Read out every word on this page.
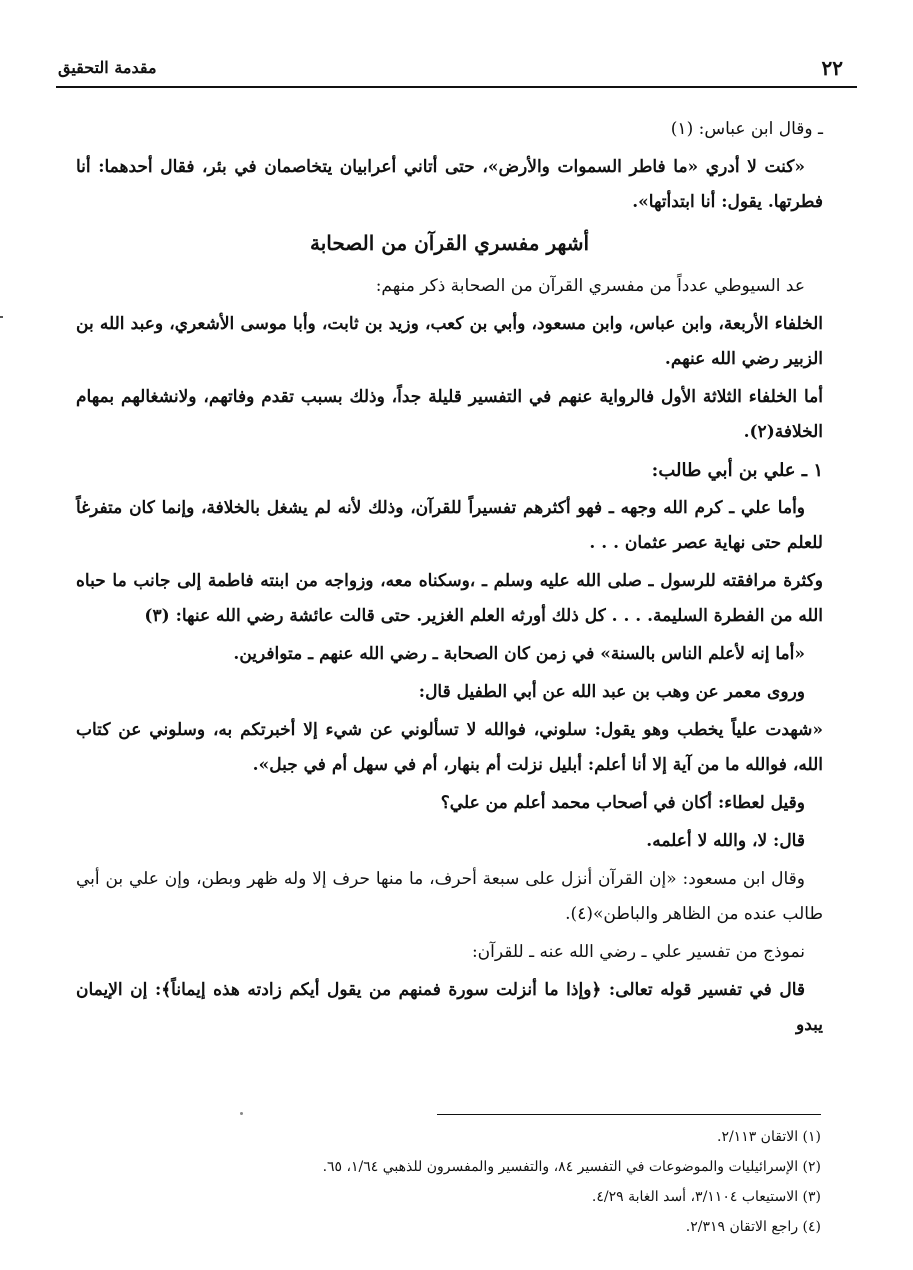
مقدمة التحقيق	٢٢

ـ وقال ابن عباس: (١)

«كنت لا أدري «ما فاطر السموات والأرض»، حتى أتاني أعرابيان يتخاصمان في بئر، فقال أحدهما: أنا فطرتها. يقول: أنا ابتدأتها».

أشهر مفسري القرآن من الصحابة

عد السيوطي عدداً من مفسري القرآن من الصحابة ذكر منهم:

الخلفاء الأربعة، وابن عباس، وابن مسعود، وأبي بن كعب، وزيد بن ثابت، وأبا موسى الأشعري، وعبد الله بن الزبير رضي الله عنهم.

أما الخلفاء الثلاثة الأول فالرواية عنهم في التفسير قليلة جداً، وذلك بسبب تقدم وفاتهم، ولانشغالهم بمهام الخلافة(٢).

١ ـ علي بن أبي طالب:

وأما علي ـ كرم الله وجهه ـ فهو أكثرهم تفسيراً للقرآن، وذلك لأنه لم يشغل بالخلافة، وإنما كان متفرغاً للعلم حتى نهاية عصر عثمان . . .

وكثرة مرافقته للرسول ـ صلى الله عليه وسلم ـ ،وسكناه معه، وزواجه من ابنته فاطمة إلى جانب ما حباه الله من الفطرة السليمة. . . . كل ذلك أورثه العلم الغزير. حتى قالت عائشة رضي الله عنها: (٣)

«أما إنه لأعلم الناس بالسنة» في زمن كان الصحابة ـ رضي الله عنهم ـ متوافرين.

وروى معمر عن وهب بن عبد الله عن أبي الطفيل قال:

«شهدت علياً يخطب وهو يقول: سلوني، فوالله لا تسألوني عن شيء إلا أخبرتكم به، وسلوني عن كتاب الله، فوالله ما من آية إلا أنا أعلم: أبليل نزلت أم بنهار، أم في سهل أم في جبل».

وقيل لعطاء: أكان في أصحاب محمد أعلم من علي؟

قال: لا، والله لا أعلمه.

وقال ابن مسعود: «إن القرآن أنزل على سبعة أحرف، ما منها حرف إلا وله ظهر وبطن، وإن علي بن أبي طالب عنده من الظاهر والباطن»(٤).

نموذج من تفسير علي ـ رضي الله عنه ـ للقرآن:

قال في تفسير قوله تعالى: ﴿وإذا ما أنزلت سورة فمنهم من يقول أيكم زادته هذه إيماناً﴾: إن الإيمان يبدو

(١) الاتقان ٢/١١٣.
(٢) الإسرائيليات والموضوعات في التفسير ٨٤، والتفسير والمفسرون للذهبي ١/٦٤، ٦٥.
(٣) الاستيعاب ٣/١١٠٤، أسد الغابة ٤/٢٩.
(٤) راجع الاتقان ٢/٣١٩.
